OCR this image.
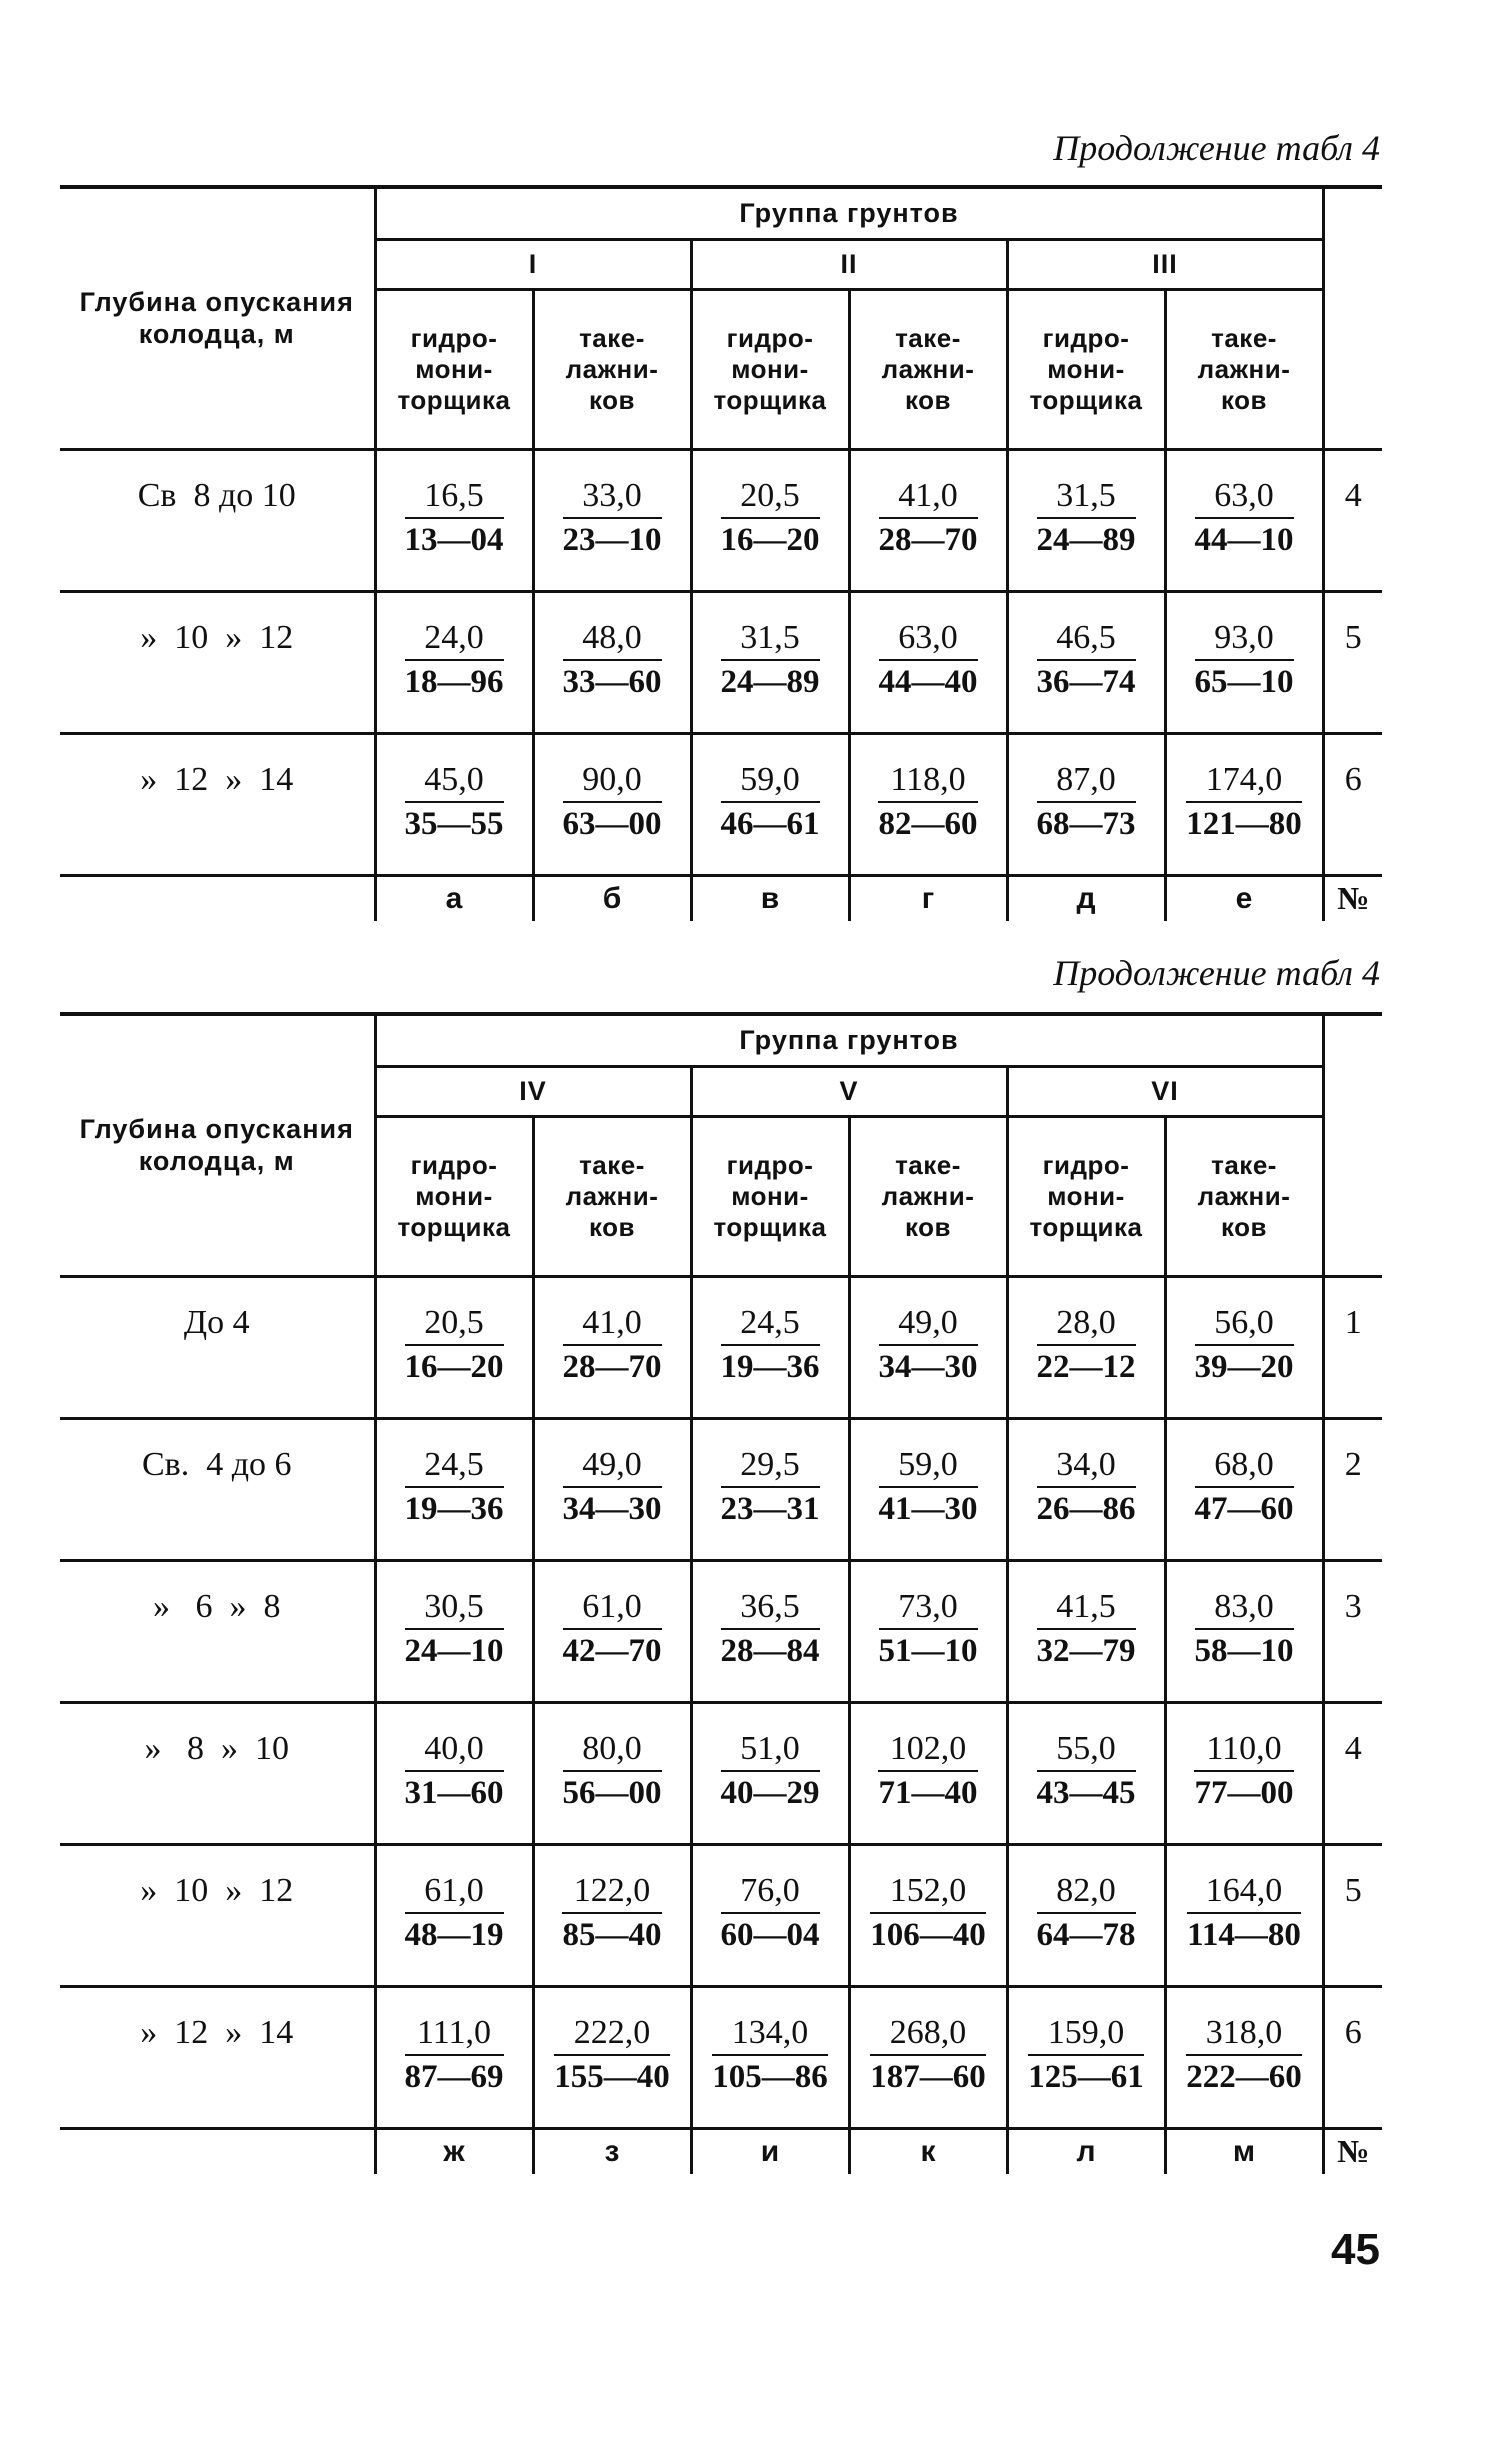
Продолжение табл 4
Глубина опускания колодца, м	Группа грунтов						
	I		II		III		
	гидро-
мони-
торщика	таке-
лажни-
ков	гидро-
мони-
торщика	таке-
лажни-
ков	гидро-
мони-
торщика	таке-
лажни-
ков	
Св  8 до 10	$\frac{16,5}{13—04}$	$\frac{33,0}{23—10}$	$\frac{20,5}{16—20}$	$\frac{41,0}{28—70}$	$\frac{31,5}{24—89}$	$\frac{63,0}{44—10}$	4
»  10  »  12	$\frac{24,0}{18—96}$	$\frac{48,0}{33—60}$	$\frac{31,5}{24—89}$	$\frac{63,0}{44—40}$	$\frac{46,5}{36—74}$	$\frac{93,0}{65—10}$	5
»  12  »  14	$\frac{45,0}{35—55}$	$\frac{90,0}{63—00}$	$\frac{59,0}{46—61}$	$\frac{118,0}{82—60}$	$\frac{87,0}{68—73}$	$\frac{174,0}{121—80}$	6
	а	б	в	г	д	е	№
Продолжение табл 4
Глубина опускания колодца, м	Группа грунтов						
	IV		V		VI		
	гидро-
мони-
торщика	таке-
лажни-
ков	гидро-
мони-
торщика	таке-
лажни-
ков	гидро-
мони-
торщика	таке-
лажни-
ков	
До 4	$\frac{20,5}{16—20}$	$\frac{41,0}{28—70}$	$\frac{24,5}{19—36}$	$\frac{49,0}{34—30}$	$\frac{28,0}{22—12}$	$\frac{56,0}{39—20}$	1
Св.  4 до 6	$\frac{24,5}{19—36}$	$\frac{49,0}{34—30}$	$\frac{29,5}{23—31}$	$\frac{59,0}{41—30}$	$\frac{34,0}{26—86}$	$\frac{68,0}{47—60}$	2
»   6  »  8	$\frac{30,5}{24—10}$	$\frac{61,0}{42—70}$	$\frac{36,5}{28—84}$	$\frac{73,0}{51—10}$	$\frac{41,5}{32—79}$	$\frac{83,0}{58—10}$	3
»   8  »  10	$\frac{40,0}{31—60}$	$\frac{80,0}{56—00}$	$\frac{51,0}{40—29}$	$\frac{102,0}{71—40}$	$\frac{55,0}{43—45}$	$\frac{110,0}{77—00}$	4
»  10  »  12	$\frac{61,0}{48—19}$	$\frac{122,0}{85—40}$	$\frac{76,0}{60—04}$	$\frac{152,0}{106—40}$	$\frac{82,0}{64—78}$	$\frac{164,0}{114—80}$	5
»  12  »  14	$\frac{111,0}{87—69}$	$\frac{222,0}{155—40}$	$\frac{134,0}{105—86}$	$\frac{268,0}{187—60}$	$\frac{159,0}{125—61}$	$\frac{318,0}{222—60}$	6
	ж	з	и	к	л	м	№
45
